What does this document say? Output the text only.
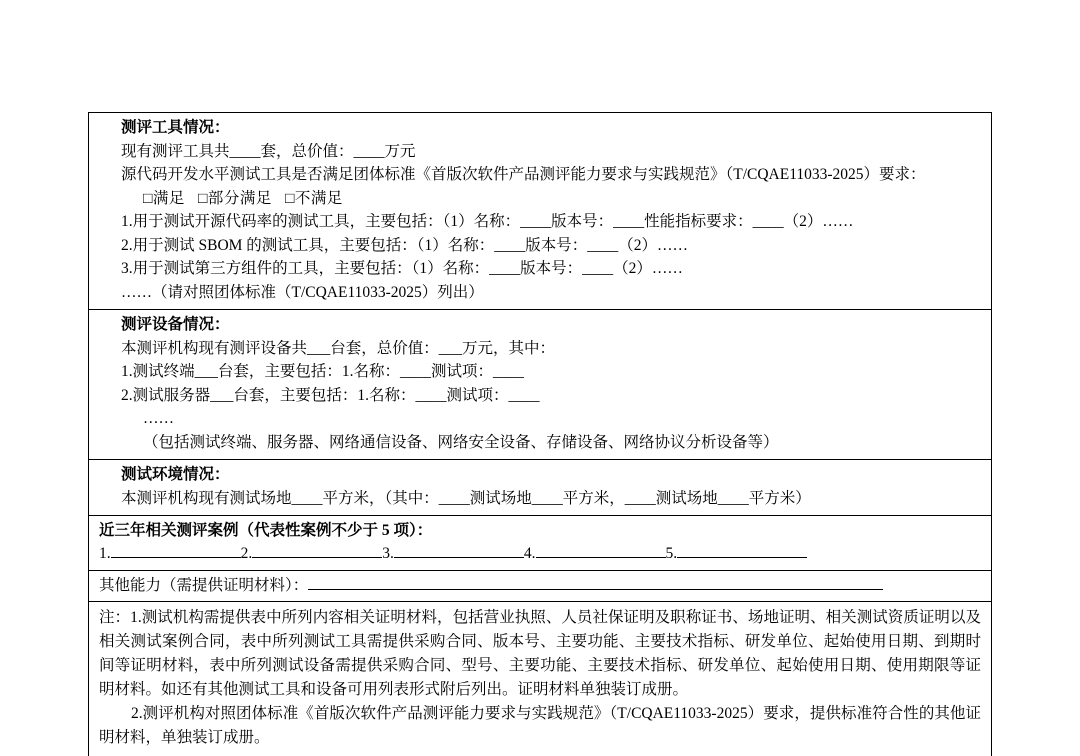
测评工具情况：
现有测评工具共____套，总价值：____万元
源代码开发水平测试工具是否满足团体标准《首版次软件产品测评能力要求与实践规范》（T/CQAE11033-2025）要求：
□满足   □部分满足   □不满足
1.用于测试开源代码率的测试工具，主要包括：（1）名称：____版本号：____性能指标要求：____（2）……
2.用于测试 SBOM 的测试工具，主要包括：（1）名称：____版本号：____（2）……
3.用于测试第三方组件的工具，主要包括：（1）名称：____版本号：____（2）……
……（请对照团体标准（T/CQAE11033-2025）列出）
测评设备情况：
本测评机构现有测评设备共___台套，总价值：___万元，其中：
1.测试终端___台套，主要包括：1.名称：____测试项：____
2.测试服务器___台套，主要包括：1.名称：____测试项：____
……
（包括测试终端、服务器、网络通信设备、网络安全设备、存储设备、网络协议分析设备等）
测试环境情况：
本测评机构现有测试场地____平方米，（其中：____测试场地____平方米，____测试场地____平方米）
近三年相关测评案例（代表性案例不少于 5 项）：
1.	2.	3.	4.	5.
其他能力（需提供证明材料）：

注：1.测试机构需提供表中所列内容相关证明材料，包括营业执照、人员社保证明及职称证书、场地证明、相关测试资质证明以及相关测试案例合同，表中所列测试工具需提供采购合同、版本号、主要功能、主要技术指标、研发单位、起始使用日期、到期时间等证明材料，表中所列测试设备需提供采购合同、型号、主要功能、主要技术指标、研发单位、起始使用日期、使用期限等证明材料。如还有其他测试工具和设备可用列表形式附后列出。证明材料单独装订成册。

2.测评机构对照团体标准《首版次软件产品测评能力要求与实践规范》（T/CQAE11033-2025）要求，提供标准符合性的其他证明材料，单独装订成册。
